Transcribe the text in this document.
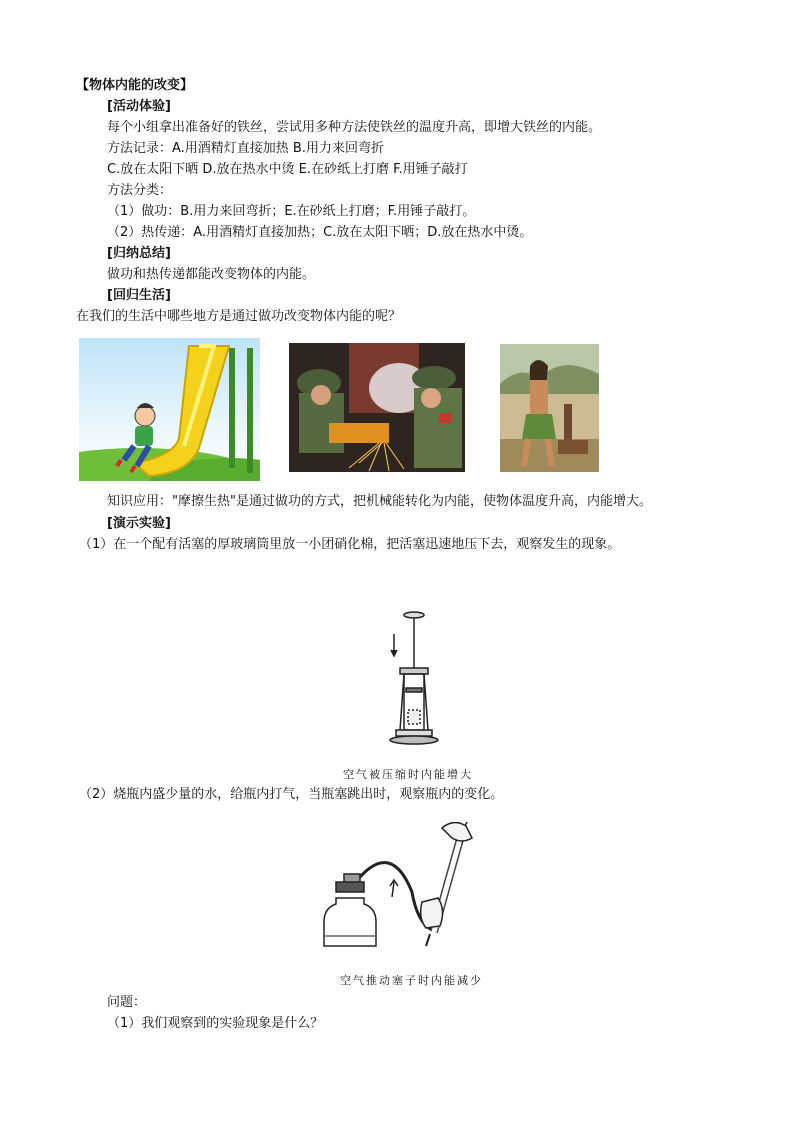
【物体内能的改变】
[活动体验]
每个小组拿出准备好的铁丝，尝试用多种方法使铁丝的温度升高，即增大铁丝的内能。
方法记录：A.用酒精灯直接加热 B.用力来回弯折
C.放在太阳下晒 D.放在热水中烫 E.在砂纸上打磨 F.用锤子敲打
方法分类：
（1）做功：B.用力来回弯折；E.在砂纸上打磨；F.用锤子敲打。
（2）热传递：A.用酒精灯直接加热；C.放在太阳下晒；D.放在热水中烫。
[归纳总结]
做功和热传递都能改变物体的内能。
[回归生活]
在我们的生活中哪些地方是通过做功改变物体内能的呢？
知识应用："摩擦生热"是通过做功的方式，把机械能转化为内能，使物体温度升高，内能增大。
[演示实验]
（1）在一个配有活塞的厚玻璃筒里放一小团硝化棉，把活塞迅速地压下去，观察发生的现象。
空气被压缩时内能增大
（2）烧瓶内盛少量的水，给瓶内打气，当瓶塞跳出时，观察瓶内的变化。
空气推动塞子时内能减少
问题：
（1）我们观察到的实验现象是什么？
